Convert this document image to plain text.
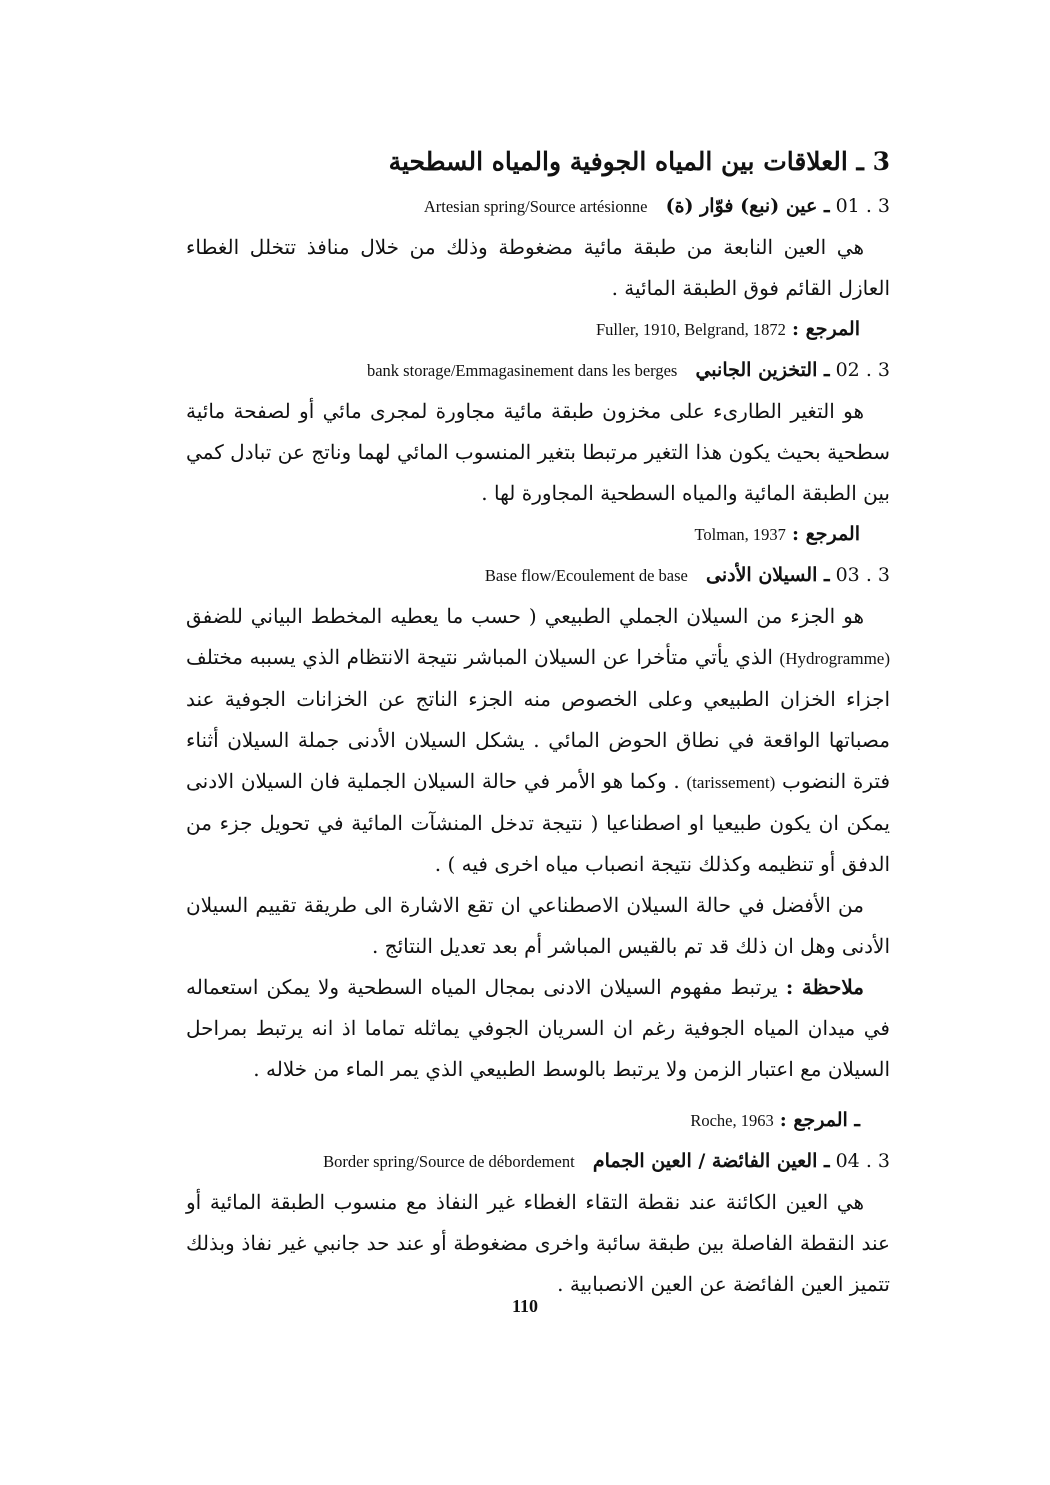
3 ـ العلاقات بين المياه الجوفية والمياه السطحية

3 . 01 ـ عين (نبع) فوّار (ة)   Artesian spring/Source artésionne

هي العين النابعة من طبقة مائية مضغوطة وذلك من خلال منافذ تتخلل الغطاء العازل القائم فوق الطبقة المائية .

المرجع : Fuller, 1910, Belgrand, 1872

3 . 02 ـ التخزين الجانبي   bank storage/Emmagasinement dans les berges

هو التغير الطارىء على مخزون طبقة مائية مجاورة لمجرى مائي أو لصفحة مائية سطحية بحيث يكون هذا التغير مرتبطا بتغير المنسوب المائي لهما وناتج عن تبادل كمي بين الطبقة المائية والمياه السطحية المجاورة لها .

المرجع : Tolman, 1937

3 . 03 ـ السيلان الأدنى   Base flow/Ecoulement de base

هو الجزء من السيلان الجملي الطبيعي ( حسب ما يعطيه المخطط البياني للضفق (Hydrogramme) الذي يأتي متأخرا عن السيلان المباشر نتيجة الانتظام الذي يسببه مختلف اجزاء الخزان الطبيعي وعلى الخصوص منه الجزء الناتج عن الخزانات الجوفية عند مصباتها الواقعة في نطاق الحوض المائي . يشكل السيلان الأدنى جملة السيلان أثناء فترة النضوب (tarissement) . وكما هو الأمر في حالة السيلان الجملية فان السيلان الادنى يمكن ان يكون طبيعيا او اصطناعيا ( نتيجة تدخل المنشآت المائية في تحويل جزء من الدفق أو تنظيمه وكذلك نتيجة انصباب مياه اخرى فيه ) .

من الأفضل في حالة السيلان الاصطناعي ان تقع الاشارة الى طريقة تقييم السيلان الأدنى وهل ان ذلك قد تم بالقيس المباشر أم بعد تعديل النتائج .

ملاحظة : يرتبط مفهوم السيلان الادنى بمجال المياه السطحية ولا يمكن استعماله في ميدان المياه الجوفية رغم ان السريان الجوفي يماثله تماما اذ انه يرتبط بمراحل السيلان مع اعتبار الزمن ولا يرتبط بالوسط الطبيعي الذي يمر الماء من خلاله .

ـ المرجع : Roche, 1963

3 . 04 ـ العين الفائضة / العين الجمام   Border spring/Source de débordement

هي العين الكائنة عند نقطة التقاء الغطاء غير النفاذ مع منسوب الطبقة المائية أو عند النقطة الفاصلة بين طبقة سائبة واخرى مضغوطة أو عند حد جانبي غير نفاذ وبذلك تتميز العين الفائضة عن العين الانصبابية .

110
